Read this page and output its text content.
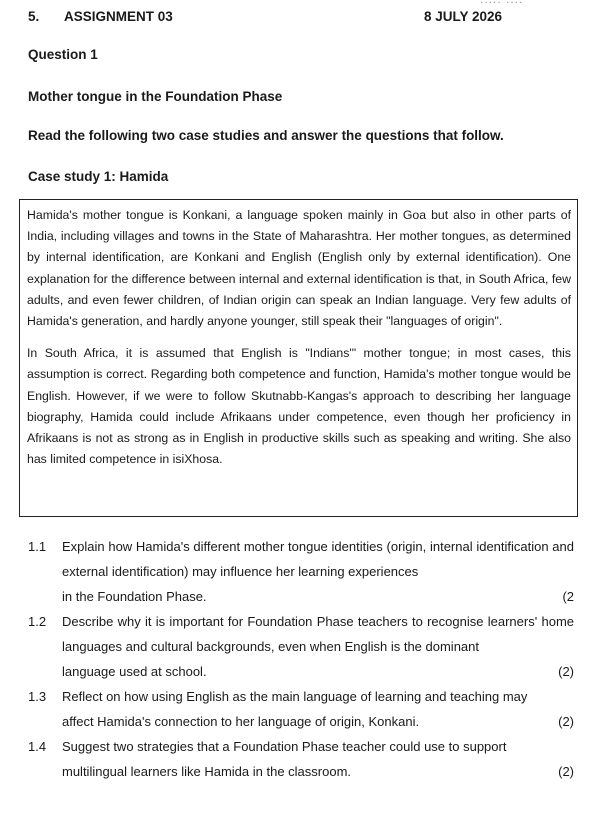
5. ASSIGNMENT 03	8 JULY 2026
Question 1
Mother tongue in the Foundation Phase
Read the following two case studies and answer the questions that follow.
Case study 1: Hamida

Hamida's mother tongue is Konkani, a language spoken mainly in Goa but also in other parts of India, including villages and towns in the State of Maharashtra. Her mother tongues, as determined by internal identification, are Konkani and English (English only by external identification). One explanation for the difference between internal and external identification is that, in South Africa, few adults, and even fewer children, of Indian origin can speak an Indian language. Very few adults of Hamida's generation, and hardly anyone younger, still speak their "languages of origin".

In South Africa, it is assumed that English is "Indians'" mother tongue; in most cases, this assumption is correct. Regarding both competence and function, Hamida's mother tongue would be English. However, if we were to follow Skutnabb-Kangas's approach to describing her language biography, Hamida could include Afrikaans under competence, even though her proficiency in Afrikaans is not as strong as in English in productive skills such as speaking and writing. She also has limited competence in isiXhosa.

1.1 Explain how Hamida's different mother tongue identities (origin, internal identification and external identification) may influence her learning experiences
in the Foundation Phase.	(2
1.2 Describe why it is important for Foundation Phase teachers to recognise learners' home languages and cultural backgrounds, even when English is the dominant
language used at school.	(2)
1.3 Reflect on how using English as the main language of learning and teaching may
affect Hamida's connection to her language of origin, Konkani.	(2)
1.4 Suggest two strategies that a Foundation Phase teacher could use to support
multilingual learners like Hamida in the classroom.	(2)
